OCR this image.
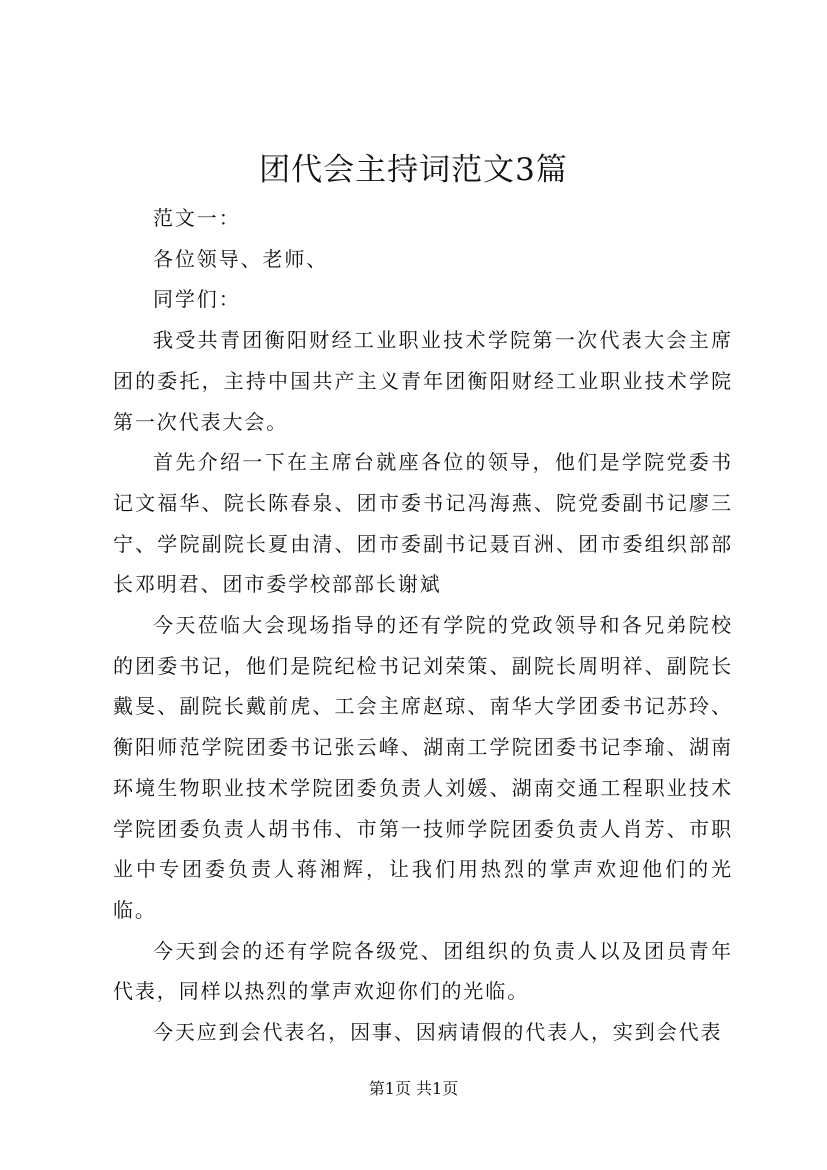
团代会主持词范文3篇

范文一：

各位领导、老师、

同学们：

我受共青团衡阳财经工业职业技术学院第一次代表大会主席团的委托，主持中国共产主义青年团衡阳财经工业职业技术学院第一次代表大会。

首先介绍一下在主席台就座各位的领导，他们是学院党委书记文福华、院长陈春泉、团市委书记冯海燕、院党委副书记廖三宁、学院副院长夏由清、团市委副书记聂百洲、团市委组织部部长邓明君、团市委学校部部长谢斌

今天莅临大会现场指导的还有学院的党政领导和各兄弟院校的团委书记，他们是院纪检书记刘荣策、副院长周明祥、副院长戴旻、副院长戴前虎、工会主席赵琼、南华大学团委书记苏玲、衡阳师范学院团委书记张云峰、湖南工学院团委书记李瑜、湖南环境生物职业技术学院团委负责人刘媛、湖南交通工程职业技术学院团委负责人胡书伟、市第一技师学院团委负责人肖芳、市职业中专团委负责人蒋湘辉，让我们用热烈的掌声欢迎他们的光临。

今天到会的还有学院各级党、团组织的负责人以及团员青年代表，同样以热烈的掌声欢迎你们的光临。

今天应到会代表名，因事、因病请假的代表人，实到会代表

第1页 共1页
